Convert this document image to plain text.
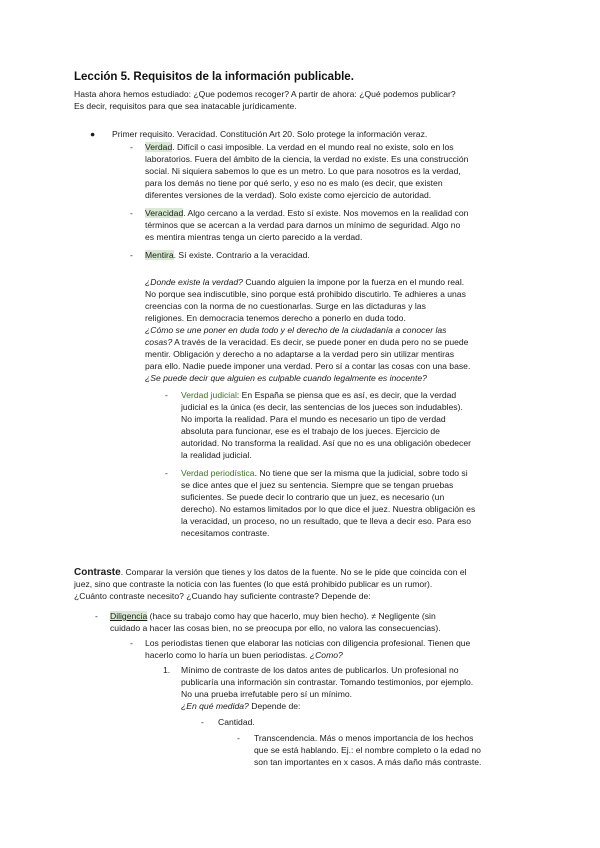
Lección 5. Requisitos de la información publicable.
Hasta ahora hemos estudiado: ¿Que podemos recoger? A partir de ahora: ¿Qué podemos publicar?
Es decir, requisitos para que sea inatacable jurídicamente.
● Primer requisito. Veracidad. Constitución Art 20. Solo protege la información veraz.
- Verdad. Difícil o casi imposible. La verdad en el mundo real no existe, solo en los
laboratorios. Fuera del ámbito de la ciencia, la verdad no existe. Es una construcción
social. Ni siquiera sabemos lo que es un metro. Lo que para nosotros es la verdad,
para los demás no tiene por qué serlo, y eso no es malo (es decir, que existen
diferentes versiones de la verdad). Solo existe como ejercicio de autoridad.
- Veracidad. Algo cercano a la verdad. Esto sí existe. Nos movemos en la realidad con
términos que se acercan a la verdad para darnos un mínimo de seguridad. Algo no
es mentira mientras tenga un cierto parecido a la verdad.
- Mentira. Sí existe. Contrario a la veracidad.
¿Donde existe la verdad? Cuando alguien la impone por la fuerza en el mundo real.
No porque sea indiscutible, sino porque está prohibido discutirlo. Te adhieres a unas
creencias con la norma de no cuestionarlas. Surge en las dictaduras y las
religiones. En democracia tenemos derecho a ponerlo en duda todo.
¿Cómo se une poner en duda todo y el derecho de la ciudadanía a conocer las
cosas? A través de la veracidad. Es decir, se puede poner en duda pero no se puede
mentir. Obligación y derecho a no adaptarse a la verdad pero sin utilizar mentiras
para ello. Nadie puede imponer una verdad. Pero sí a contar las cosas con una base.
¿Se puede decir que alguien es culpable cuando legalmente es inocente?
- Verdad judicial: En España se piensa que es así, es decir, que la verdad
judicial es la única (es decir, las sentencias de los jueces son indudables).
No importa la realidad. Para el mundo es necesario un tipo de verdad
absoluta para funcionar, ese es el trabajo de los jueces. Ejercicio de
autoridad. No transforma la realidad. Así que no es una obligación obedecer
la realidad judicial.
- Verdad periodística. No tiene que ser la misma que la judicial, sobre todo si
se dice antes que el juez su sentencia. Siempre que se tengan pruebas
suficientes. Se puede decir lo contrario que un juez, es necesario (un
derecho). No estamos limitados por lo que dice el juez. Nuestra obligación es
la veracidad, un proceso, no un resultado, que te lleva a decir eso. Para eso
necesitamos contraste.
Contraste. Comparar la versión que tienes y los datos de la fuente. No se le pide que coincida con el
juez, sino que contraste la noticia con las fuentes (lo que está prohibido publicar es un rumor).
¿Cuánto contraste necesito? ¿Cuando hay suficiente contraste? Depende de:
- Diligencia (hace su trabajo como hay que hacerlo, muy bien hecho). ≠ Negligente (sin
cuidado a hacer las cosas bien, no se preocupa por ello, no valora las consecuencias).
- Los periodistas tienen que elaborar las noticias con diligencia profesional. Tienen que
hacerlo como lo haría un buen periodistas. ¿Como?
1. Mínimo de contraste de los datos antes de publicarlos. Un profesional no
publicaría una información sin contrastar. Tomando testimonios, por ejemplo.
No una prueba irrefutable pero sí un mínimo.
¿En qué medida? Depende de:
- Cantidad.
- Transcendencia. Más o menos importancia de los hechos
que se está hablando. Ej.: el nombre completo o la edad no
son tan importantes en x casos. A más daño más contraste.
